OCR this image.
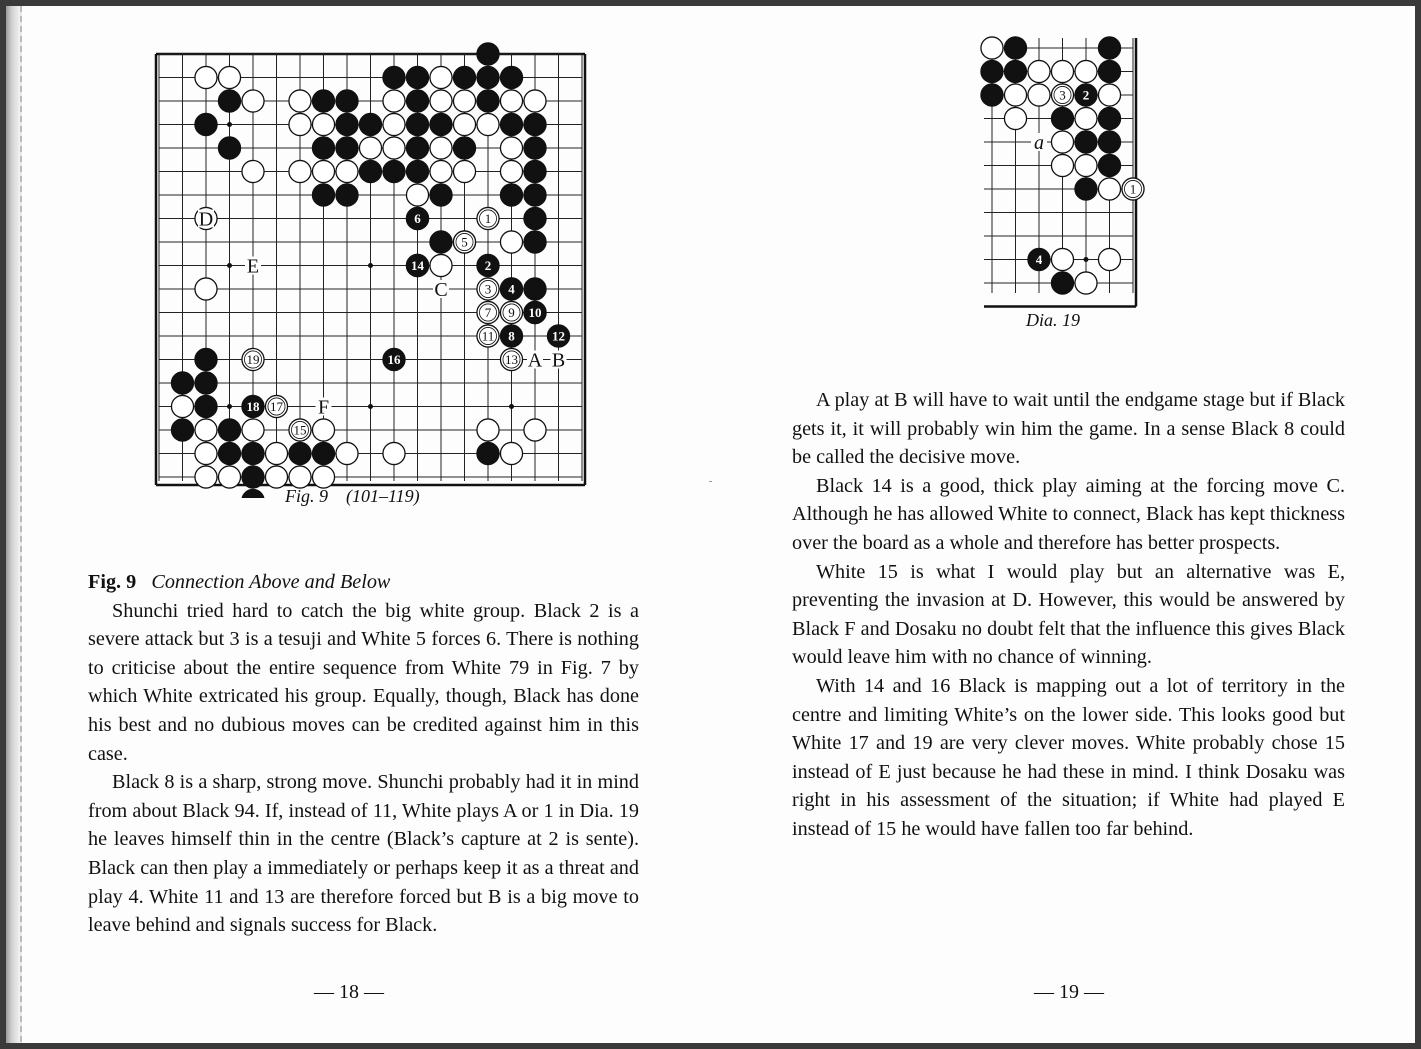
1
2
3 4
5
6
7
8
9 10
11	12
13
14
15
16
17
18
19
D
E
C
F
A B
Fig. 9 (101–119)

Fig. 9 Connection Above and Below

Shunchi tried hard to catch the big white group. Black 2 is a severe attack but 3 is a tesuji and White 5 forces 6. There is nothing to criticise about the entire sequence from White 79 in Fig. 7 by which White extricated his group. Equally, though, Black has done his best and no dubious moves can be credited against him in this case.

Black 8 is a sharp, strong move. Shunchi probably had it in mind from about Black 94. If, instead of 11, White plays A or 1 in Dia. 19 he leaves himself thin in the centre (Black’s capture at 2 is sente). Black can then play a immediately or perhaps keep it as a threat and play 4. White 11 and 13 are therefore forced but B is a big move to leave behind and signals success for Black.

— 18 —
1
2
3
4
a
Dia. 19

A play at B will have to wait until the endgame stage but if Black gets it, it will probably win him the game. In a sense Black 8 could be called the decisive move.

Black 14 is a good, thick play aiming at the forcing move C. Although he has allowed White to connect, Black has kept thickness over the board as a whole and therefore has better prospects.

White 15 is what I would play but an alternative was E, preventing the invasion at D. However, this would be answered by Black F and Dosaku no doubt felt that the influence this gives Black would leave him with no chance of winning.

With 14 and 16 Black is mapping out a lot of territory in the centre and limiting White’s on the lower side. This looks good but White 17 and 19 are very clever moves. White probably chose 15 instead of E just because he had these in mind. I think Dosaku was right in his assessment of the situation; if White had played E instead of 15 he would have fallen too far behind.

— 19 —
